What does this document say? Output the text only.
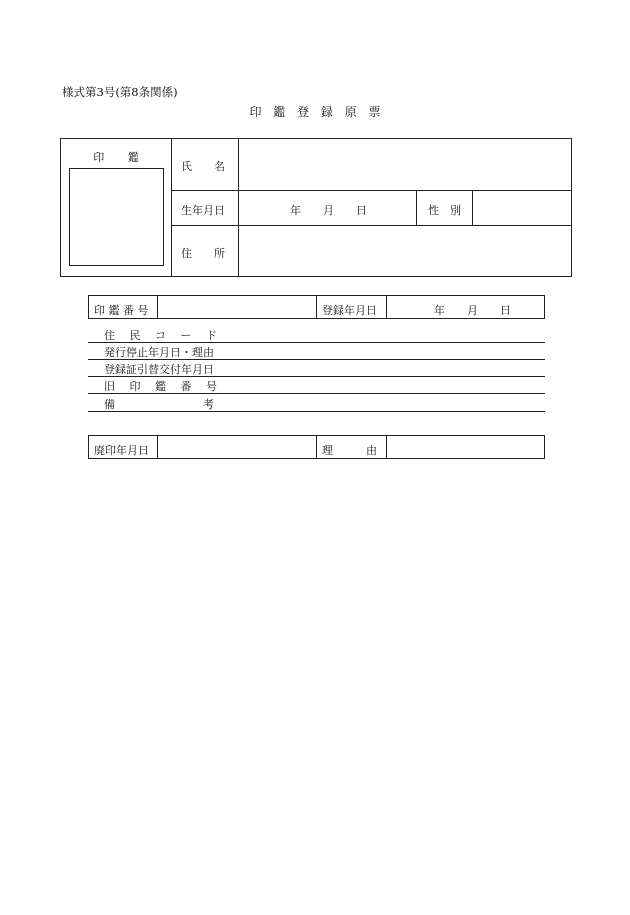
様式第3号(第8条関係)
印 鑑 登 録 原 票
印 鑑
氏　　名
生年月日	年　　月　　日	性　別
住　　所
印 鑑 番 号	登録年月日	年　　月　　日
住　 民　 コ　 ー　 ド
発行停止年月日・理由
登録証引替交付年月日
旧　 印　 鑑　 番　 号
備　　　　　　　　考
廃印年月日	理　　　由
